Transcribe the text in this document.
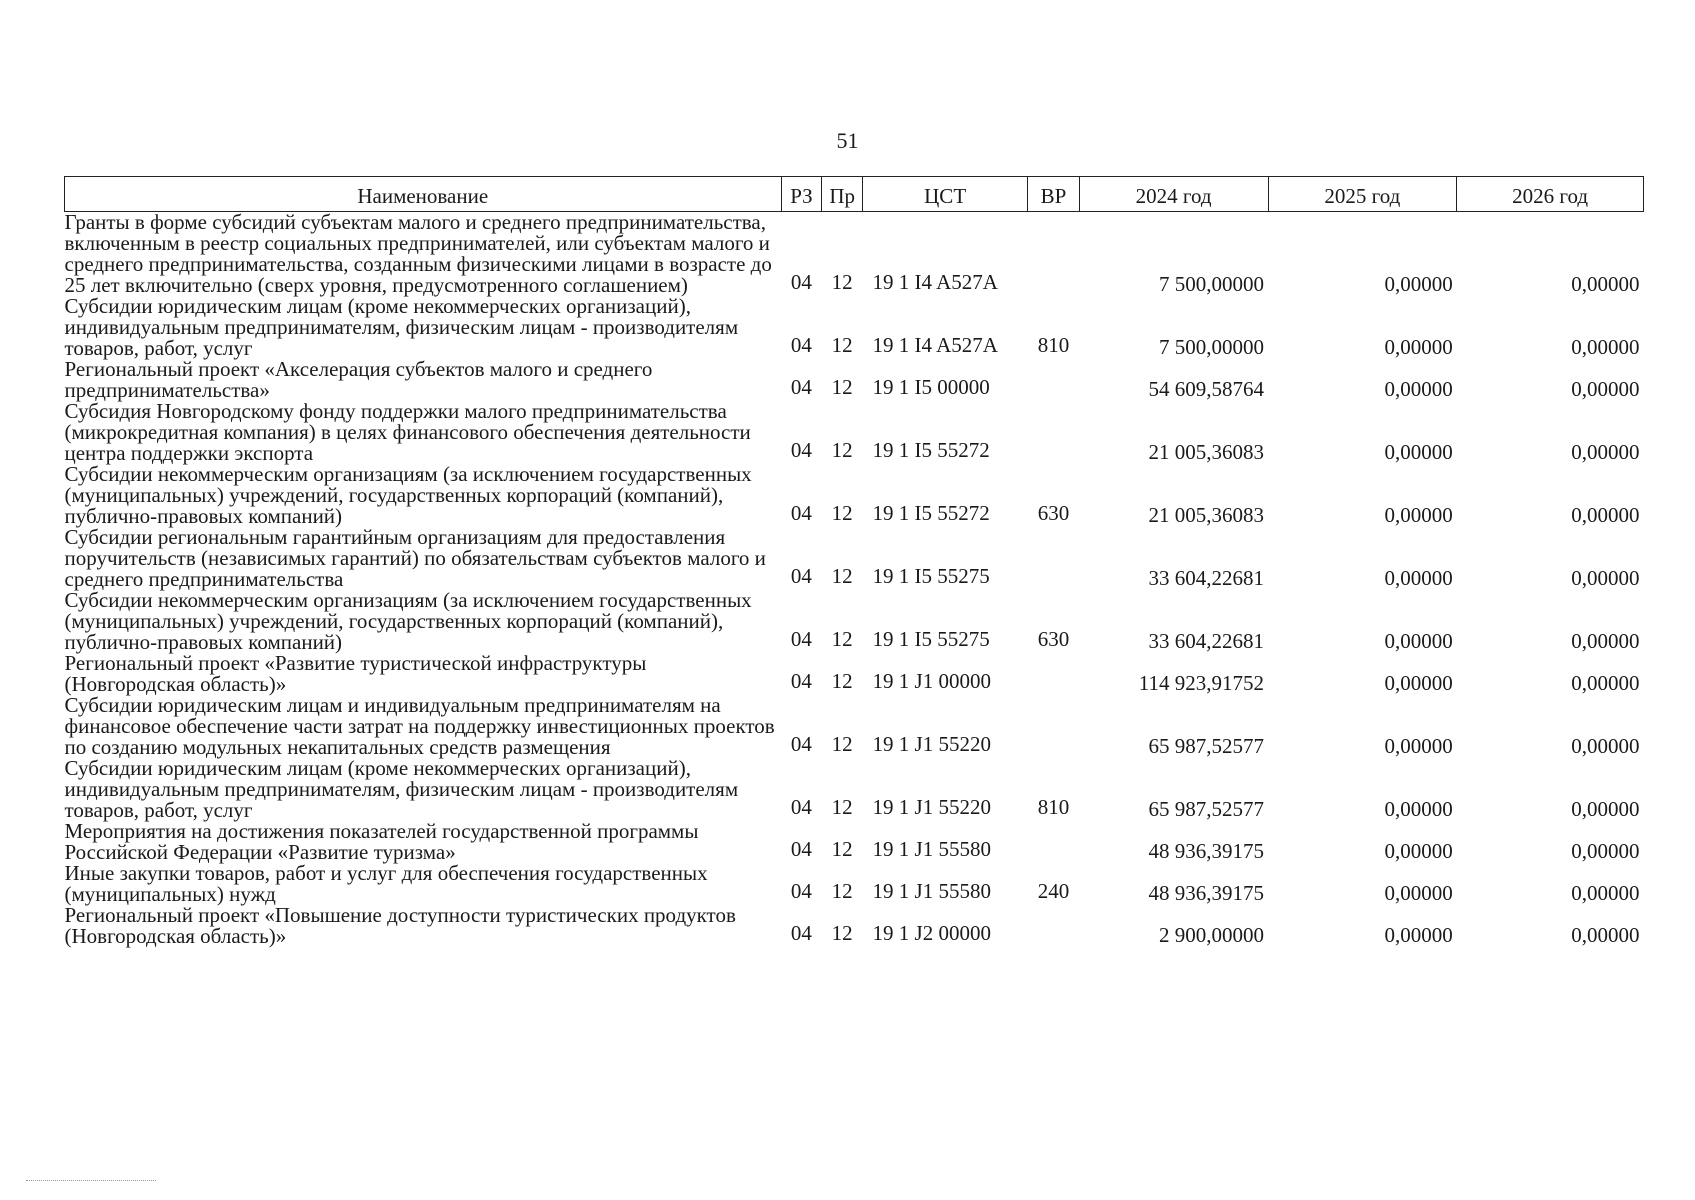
51
Наименование	РЗ	Пр	ЦСТ	ВР	2024 год	2025 год	2026 год
Гранты в форме субсидий субъектам малого и среднего предпринимательства, включенным в реестр социальных предпринимателей, или субъектам малого и среднего предпринимательства, созданным физическими лицами в возрасте до 25 лет включительно (сверх уровня, предусмотренного соглашением)	04	12	19 1 I4 A527A		7 500,00000	0,00000	0,00000
Субсидии юридическим лицам (кроме некоммерческих организаций), индивидуальным предпринимателям, физическим лицам - производителям товаров, работ, услуг	04	12	19 1 I4 A527A	810	7 500,00000	0,00000	0,00000
Региональный проект «Акселерация субъектов малого и среднего предпринимательства»	04	12	19 1 I5 00000		54 609,58764	0,00000	0,00000
Субсидия Новгородскому фонду поддержки малого предпринимательства (микрокредитная компания) в целях финансового обеспечения деятельности центра поддержки экспорта	04	12	19 1 I5 55272		21 005,36083	0,00000	0,00000
Субсидии некоммерческим организациям (за исключением государственных (муниципальных) учреждений, государственных корпораций (компаний), публично-правовых компаний)	04	12	19 1 I5 55272	630	21 005,36083	0,00000	0,00000
Субсидии региональным гарантийным организациям для предоставления поручительств (независимых гарантий) по обязательствам субъектов малого и среднего предпринимательства	04	12	19 1 I5 55275		33 604,22681	0,00000	0,00000
Субсидии некоммерческим организациям (за исключением государственных (муниципальных) учреждений, государственных корпораций (компаний), публично-правовых компаний)	04	12	19 1 I5 55275	630	33 604,22681	0,00000	0,00000
Региональный проект «Развитие туристической инфраструктуры (Новгородская область)»	04	12	19 1 J1 00000		114 923,91752	0,00000	0,00000
Субсидии юридическим лицам и индивидуальным предпринимателям на финансовое обеспечение части затрат на поддержку инвестиционных проектов по созданию модульных некапитальных средств размещения	04	12	19 1 J1 55220		65 987,52577	0,00000	0,00000
Субсидии юридическим лицам (кроме некоммерческих организаций), индивидуальным предпринимателям, физическим лицам - производителям товаров, работ, услуг	04	12	19 1 J1 55220	810	65 987,52577	0,00000	0,00000
Мероприятия на достижения показателей государственной программы Российской Федерации «Развитие туризма»	04	12	19 1 J1 55580		48 936,39175	0,00000	0,00000
Иные закупки товаров, работ и услуг для обеспечения государственных (муниципальных) нужд	04	12	19 1 J1 55580	240	48 936,39175	0,00000	0,00000
Региональный проект «Повышение доступности туристических продуктов (Новгородская область)»	04	12	19 1 J2 00000		2 900,00000	0,00000	0,00000
